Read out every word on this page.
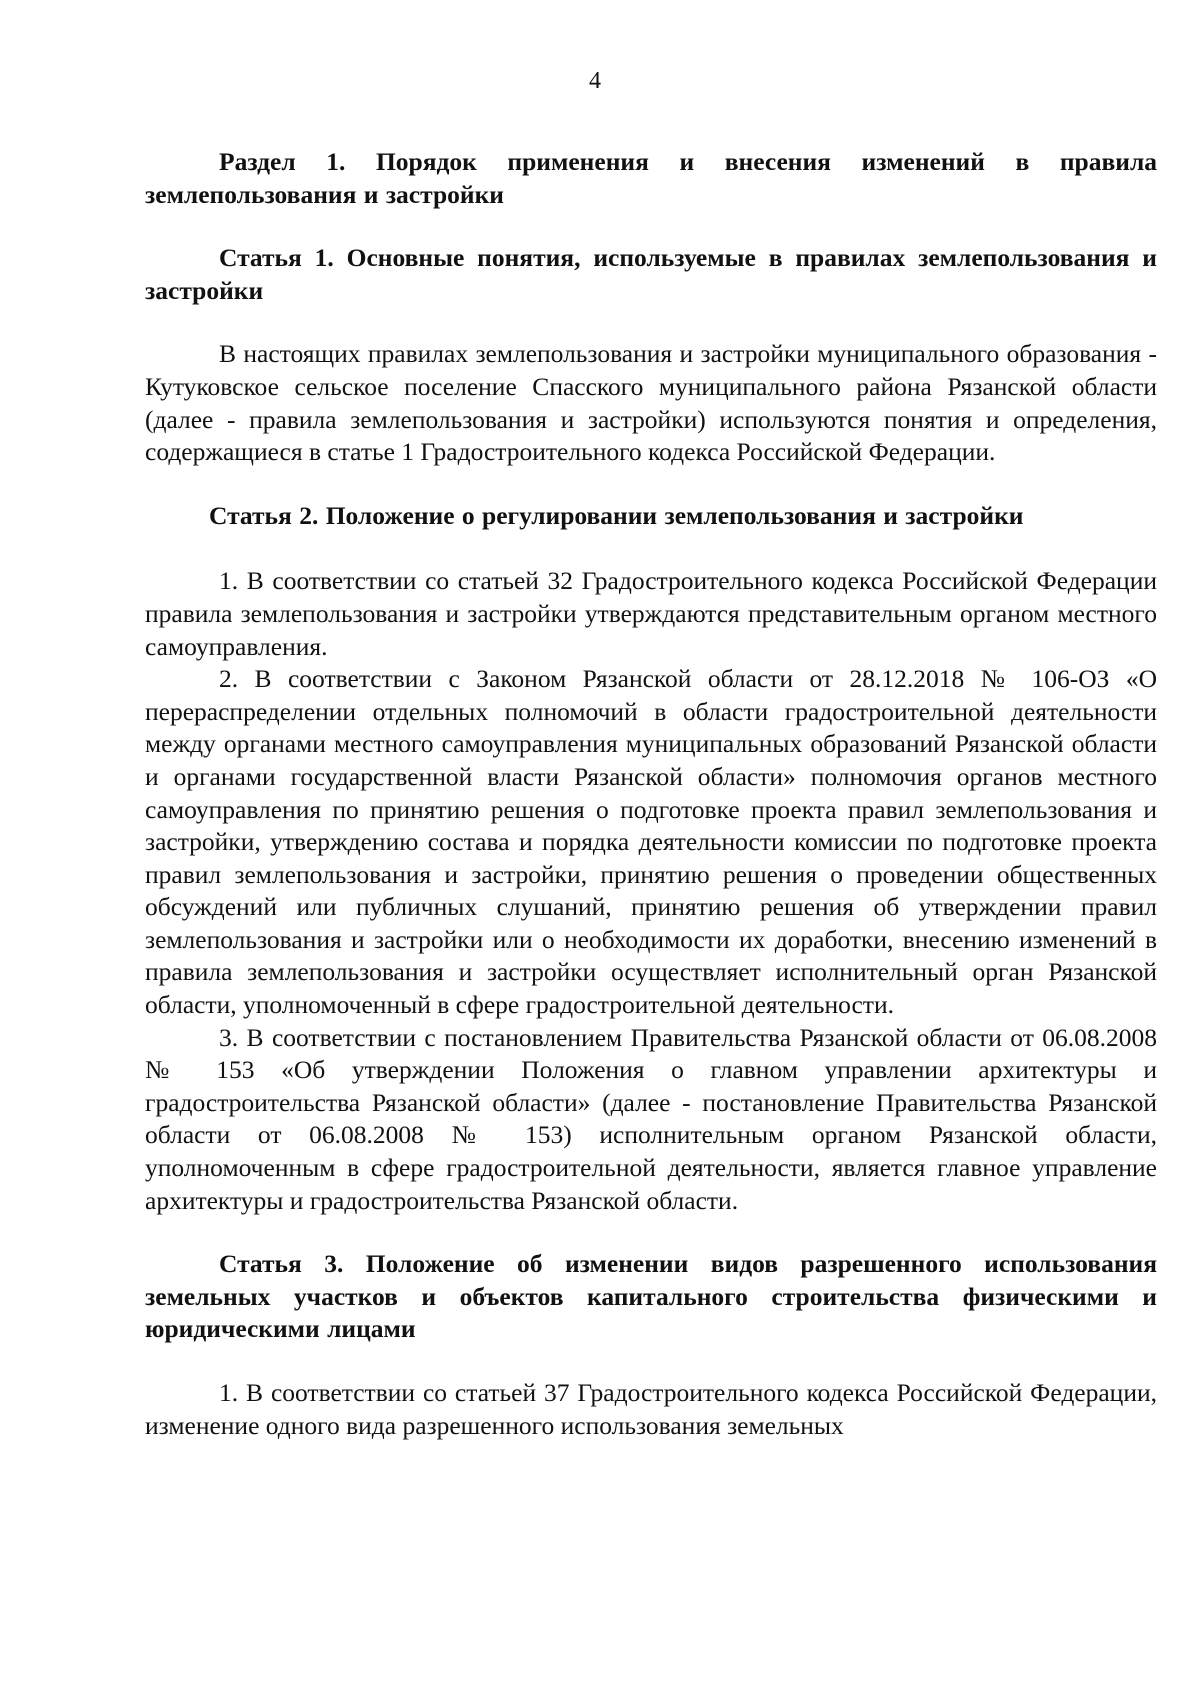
4

Раздел 1. Порядок применения и внесения изменений в правила землепользования и застройки

Статья 1. Основные понятия, используемые в правилах землепользования и застройки

В настоящих правилах землепользования и застройки муниципального образования - Кутуковское сельское поселение Спасского муниципального района Рязанской области (далее - правила землепользования и застройки) используются понятия и определения, содержащиеся в статье 1 Градостроительного кодекса Российской Федерации.

Статья 2. Положение о регулировании землепользования и застройки

1. В соответствии со статьей 32 Градостроительного кодекса Российской Федерации правила землепользования и застройки утверждаются представительным органом местного самоуправления.

2. В соответствии с Законом Рязанской области от 28.12.2018 № 106-ОЗ «О перераспределении отдельных полномочий в области градостроительной деятельности между органами местного самоуправления муниципальных образований Рязанской области и органами государственной власти Рязанской области» полномочия органов местного самоуправления по принятию решения о подготовке проекта правил землепользования и застройки, утверждению состава и порядка деятельности комиссии по подготовке проекта правил землепользования и застройки, принятию решения о проведении общественных обсуждений или публичных слушаний, принятию решения об утверждении правил землепользования и застройки или о необходимости их доработки, внесению изменений в правила землепользования и застройки осуществляет исполнительный орган Рязанской области, уполномоченный в сфере градостроительной деятельности.

3. В соответствии с постановлением Правительства Рязанской области от 06.08.2008 № 153 «Об утверждении Положения о главном управлении архитектуры и градостроительства Рязанской области» (далее - постановление Правительства Рязанской области от 06.08.2008 № 153) исполнительным органом Рязанской области, уполномоченным в сфере градостроительной деятельности, является главное управление архитектуры и градостроительства Рязанской области.

Статья 3. Положение об изменении видов разрешенного использования земельных участков и объектов капитального строительства физическими и юридическими лицами

1. В соответствии со статьей 37 Градостроительного кодекса Российской Федерации, изменение одного вида разрешенного использования земельных
